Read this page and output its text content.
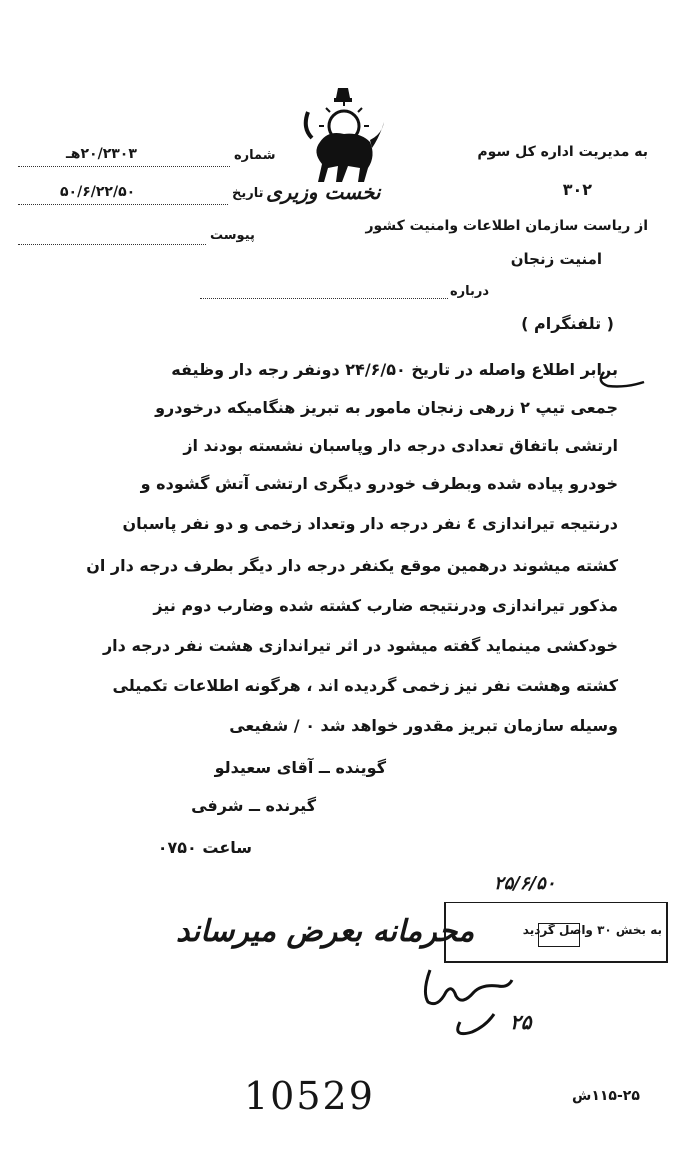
نخست وزیری
به مدیریت اداره کل سوم
۳۰۲
از ریاست سازمان اطلاعات وامنیت کشور
امنیت زنجان
درباره
شماره
۲۰/۲۳۰۳هـ
تاریخ
۵۰/۶/۲۲/۵۰
پیوست
( تلفنگرام )
برابر اطلاع واصله در تاریخ ۲۴/۶/۵۰ دونفر رجه دار وظیفه
جمعی تیپ ۲ زرهی زنجان مامور به تبریز هنگامیکه درخودرو
ارتشی باتفاق تعدادی درجه دار وپاسبان نشسته بودند از
خودرو پیاده شده وبطرف خودرو دیگری ارتشی آتش گشوده و
درنتیجه تیراندازی ٤ نفر درجه دار وتعداد زخمی و دو نفر پاسبان
کشته میشوند درهمین موقع یکنفر درجه دار دیگر بطرف درجه دار ان
مذکور تیراندازی ودرنتیجه ضارب کشته شده وضارب دوم نیز
خودکشی مینماید گفته میشود در اثر تیراندازی هشت نفر درجه دار
کشته وهشت نفر نیز زخمی گردیده اند ، هرگونه اطلاعات تکمیلی
وسیله سازمان تبریز مقدور خواهد شد ۰ / شفیعی
گوینده ــ آقای سعیدلو
گیرنده ــ شرفی
ساعت ۰۷۵۰
۲۵/۶/۵۰
به بخش ۳۰ واصل گردید
محرمانه بعرض میرساند
۲۵
10529	۱۱۵-۲۵ش
